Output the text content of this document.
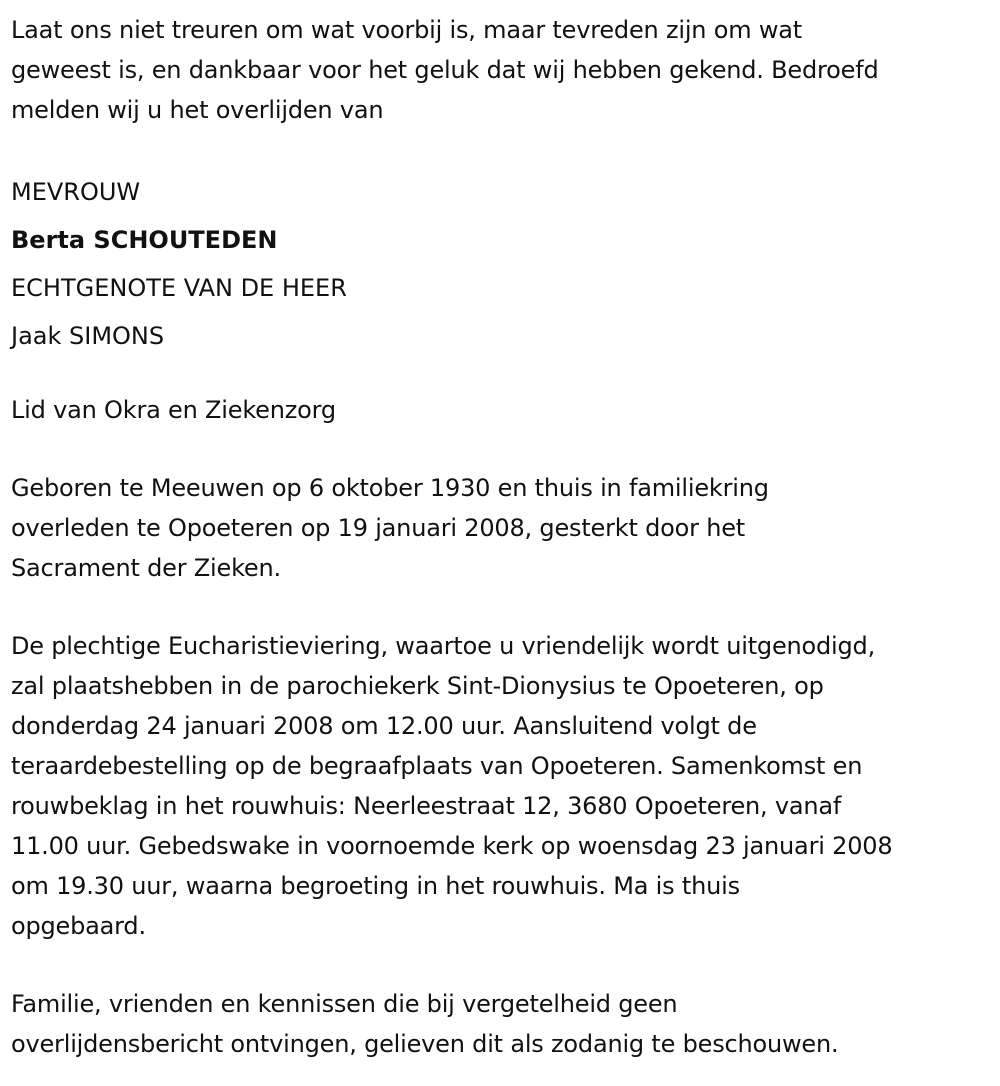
Laat ons niet treuren om wat voorbij is, maar tevreden zijn om wat
geweest is, en dankbaar voor het geluk dat wij hebben gekend. Bedroefd
melden wij u het overlijden van
MEVROUW
Berta SCHOUTEDEN
ECHTGENOTE VAN DE HEER
Jaak SIMONS
Lid van Okra en Ziekenzorg
Geboren te Meeuwen op 6 oktober 1930 en thuis in familiekring
overleden te Opoeteren op 19 januari 2008, gesterkt door het
Sacrament der Zieken.
De plechtige Eucharistieviering, waartoe u vriendelijk wordt uitgenodigd,
zal plaatshebben in de parochiekerk Sint-Dionysius te Opoeteren, op
donderdag 24 januari 2008 om 12.00 uur. Aansluitend volgt de
teraardebestelling op de begraafplaats van Opoeteren. Samenkomst en
rouwbeklag in het rouwhuis: Neerleestraat 12, 3680 Opoeteren, vanaf
11.00 uur. Gebedswake in voornoemde kerk op woensdag 23 januari 2008
om 19.30 uur, waarna begroeting in het rouwhuis. Ma is thuis
opgebaard.
Familie, vrienden en kennissen die bij vergetelheid geen
overlijdensbericht ontvingen, gelieven dit als zodanig te beschouwen.
